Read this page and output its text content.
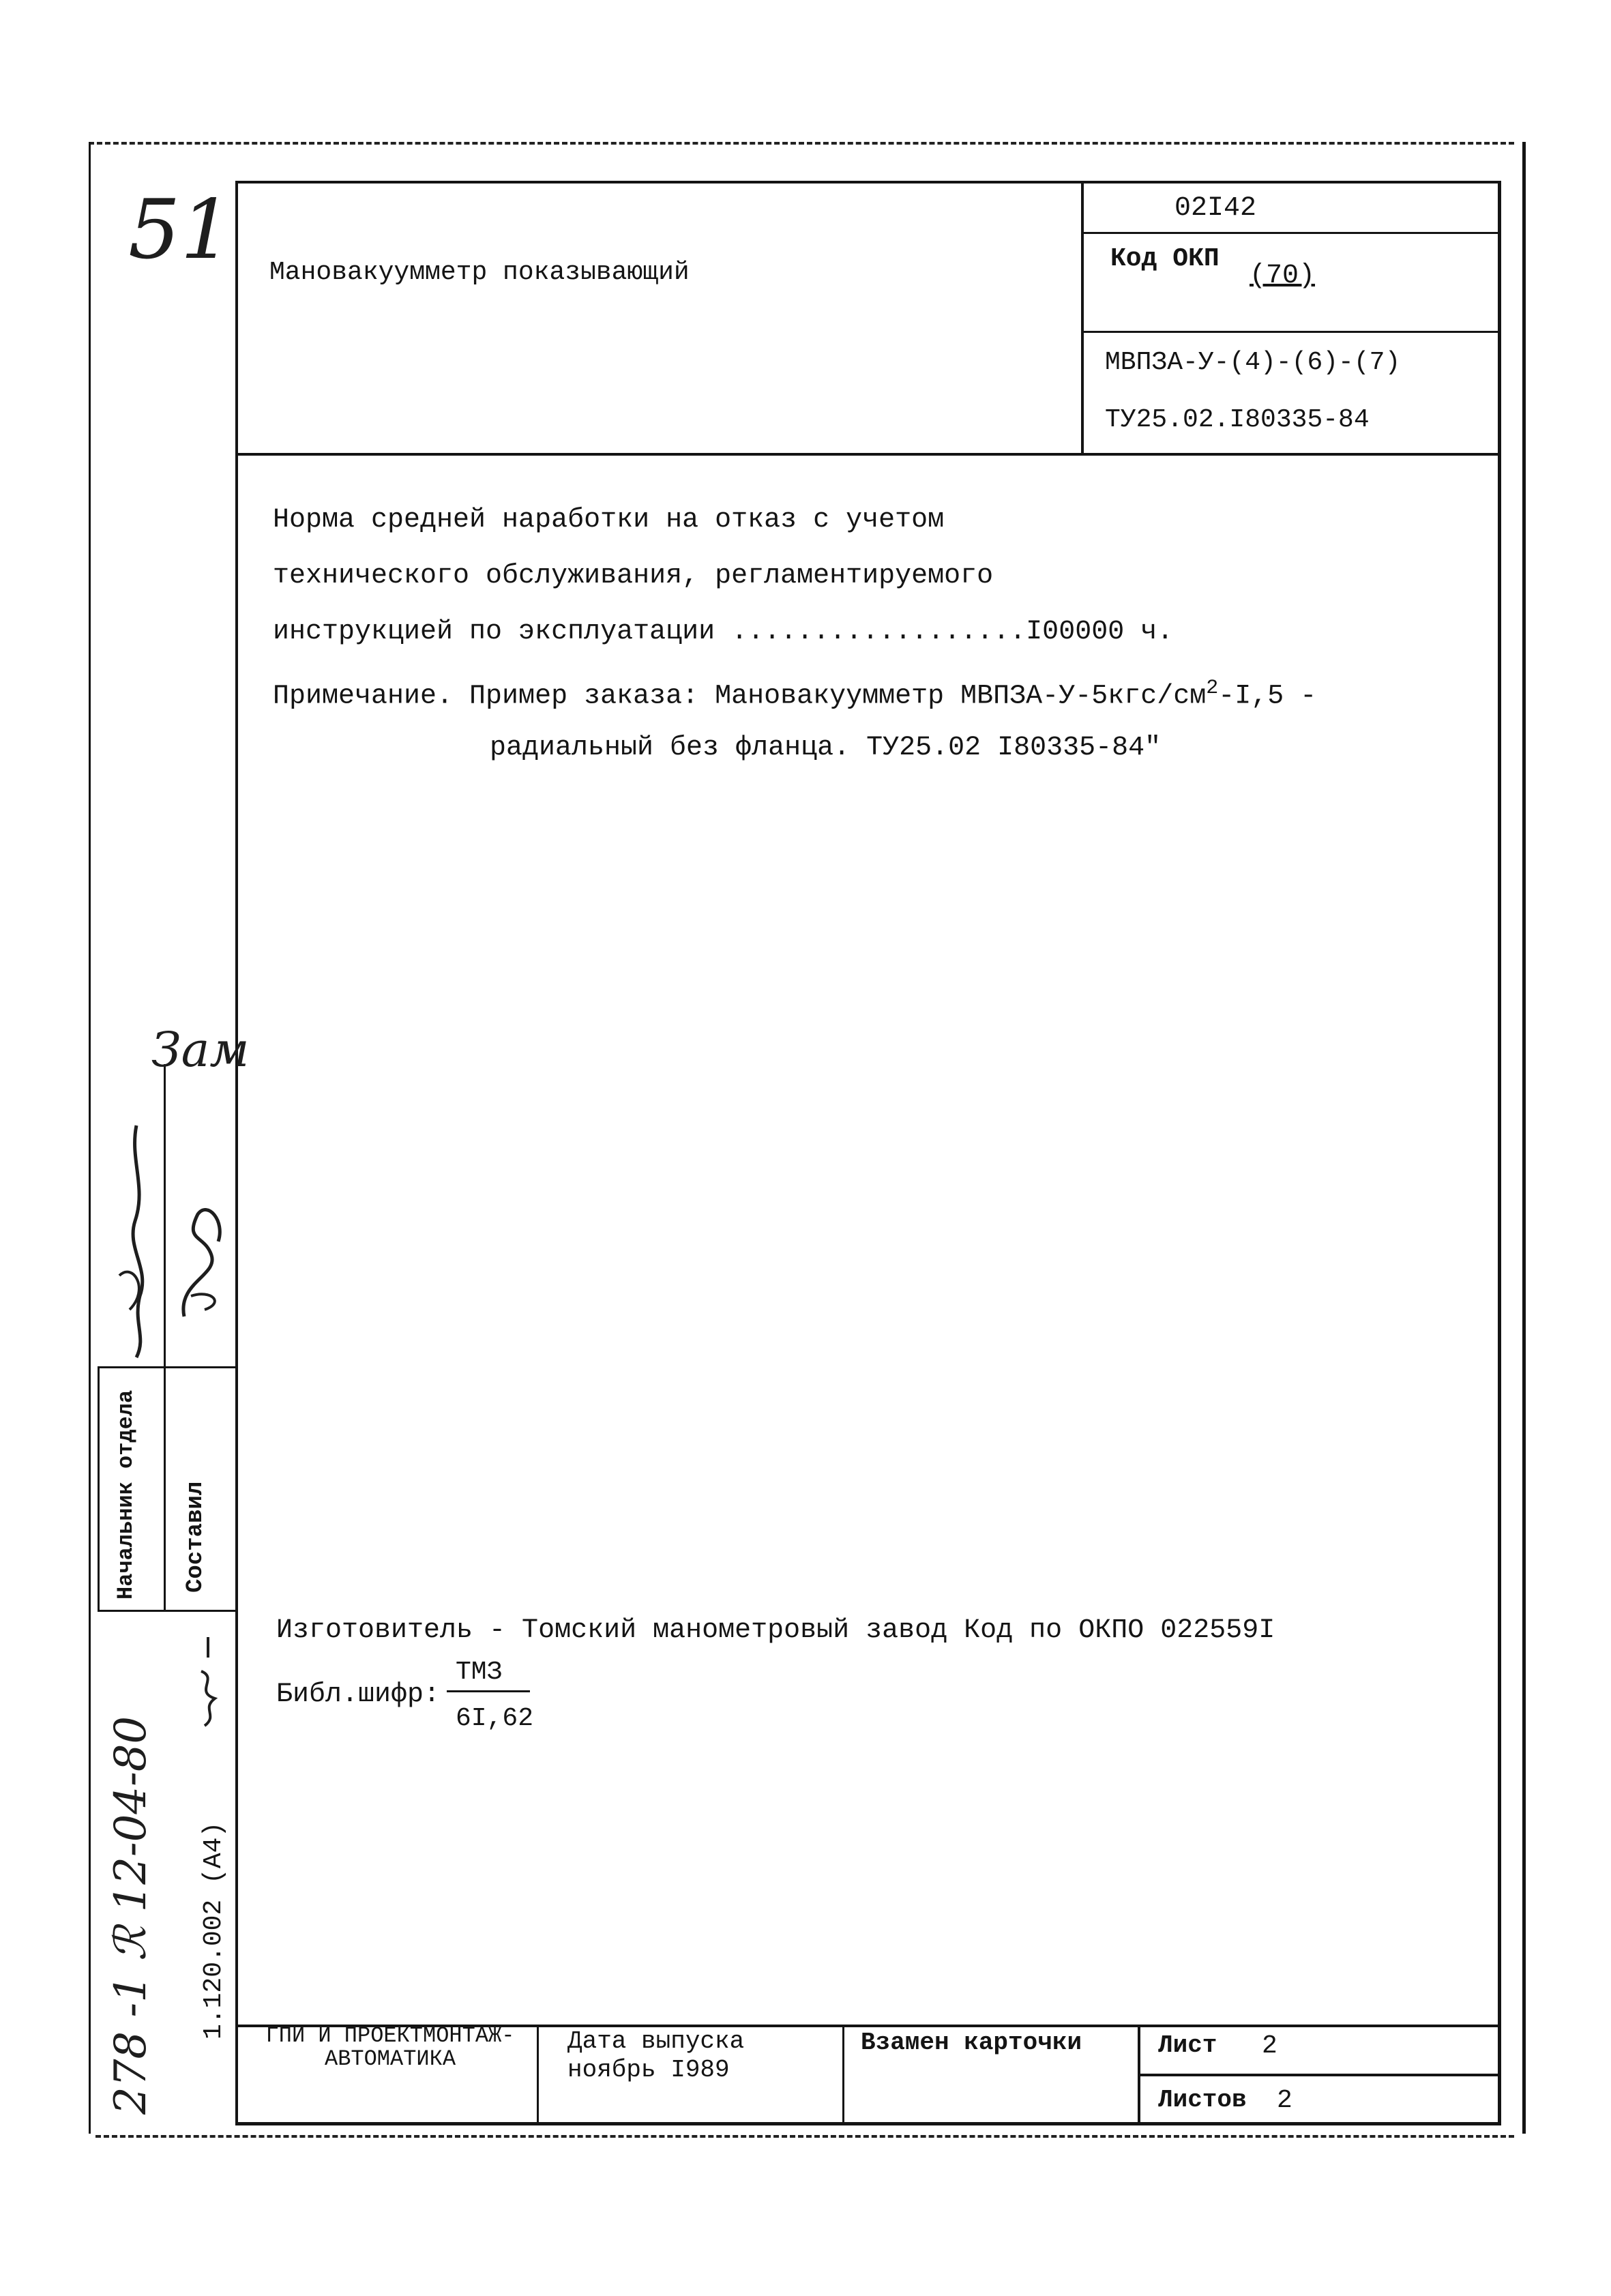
51 Мановакуумметр показывающий
02I42
Код ОКП
(70)
МВПЗА-У-(4)-(6)-(7)
ТУ25.02.I80335-84
Норма средней наработки на отказ с учетом
технического обслуживания, регламентируемого
инструкцией по эксплуатации ..................I00000 ч.
Примечание. Пример заказа: Мановакуумметр МВПЗА-$У-5кгс/см^2-I,5$ -
радиальный без фланца. ТУ25.02 I80335-84"
Изготовитель - Томский манометровый завод Код по ОКПО 022559I
Библ.шифр:
ТМЗ
6I,62
Начальник отдела Составил
1.120.002 (А4)
278 -1 ℛ 12-04-80
Зам
ГПИ И ПРОЕКТМОНТАЖ-АВТОМАТИКА
Дата выпуска
ноябрь I989
Взамен карточки	Лист 2
Листов 2
